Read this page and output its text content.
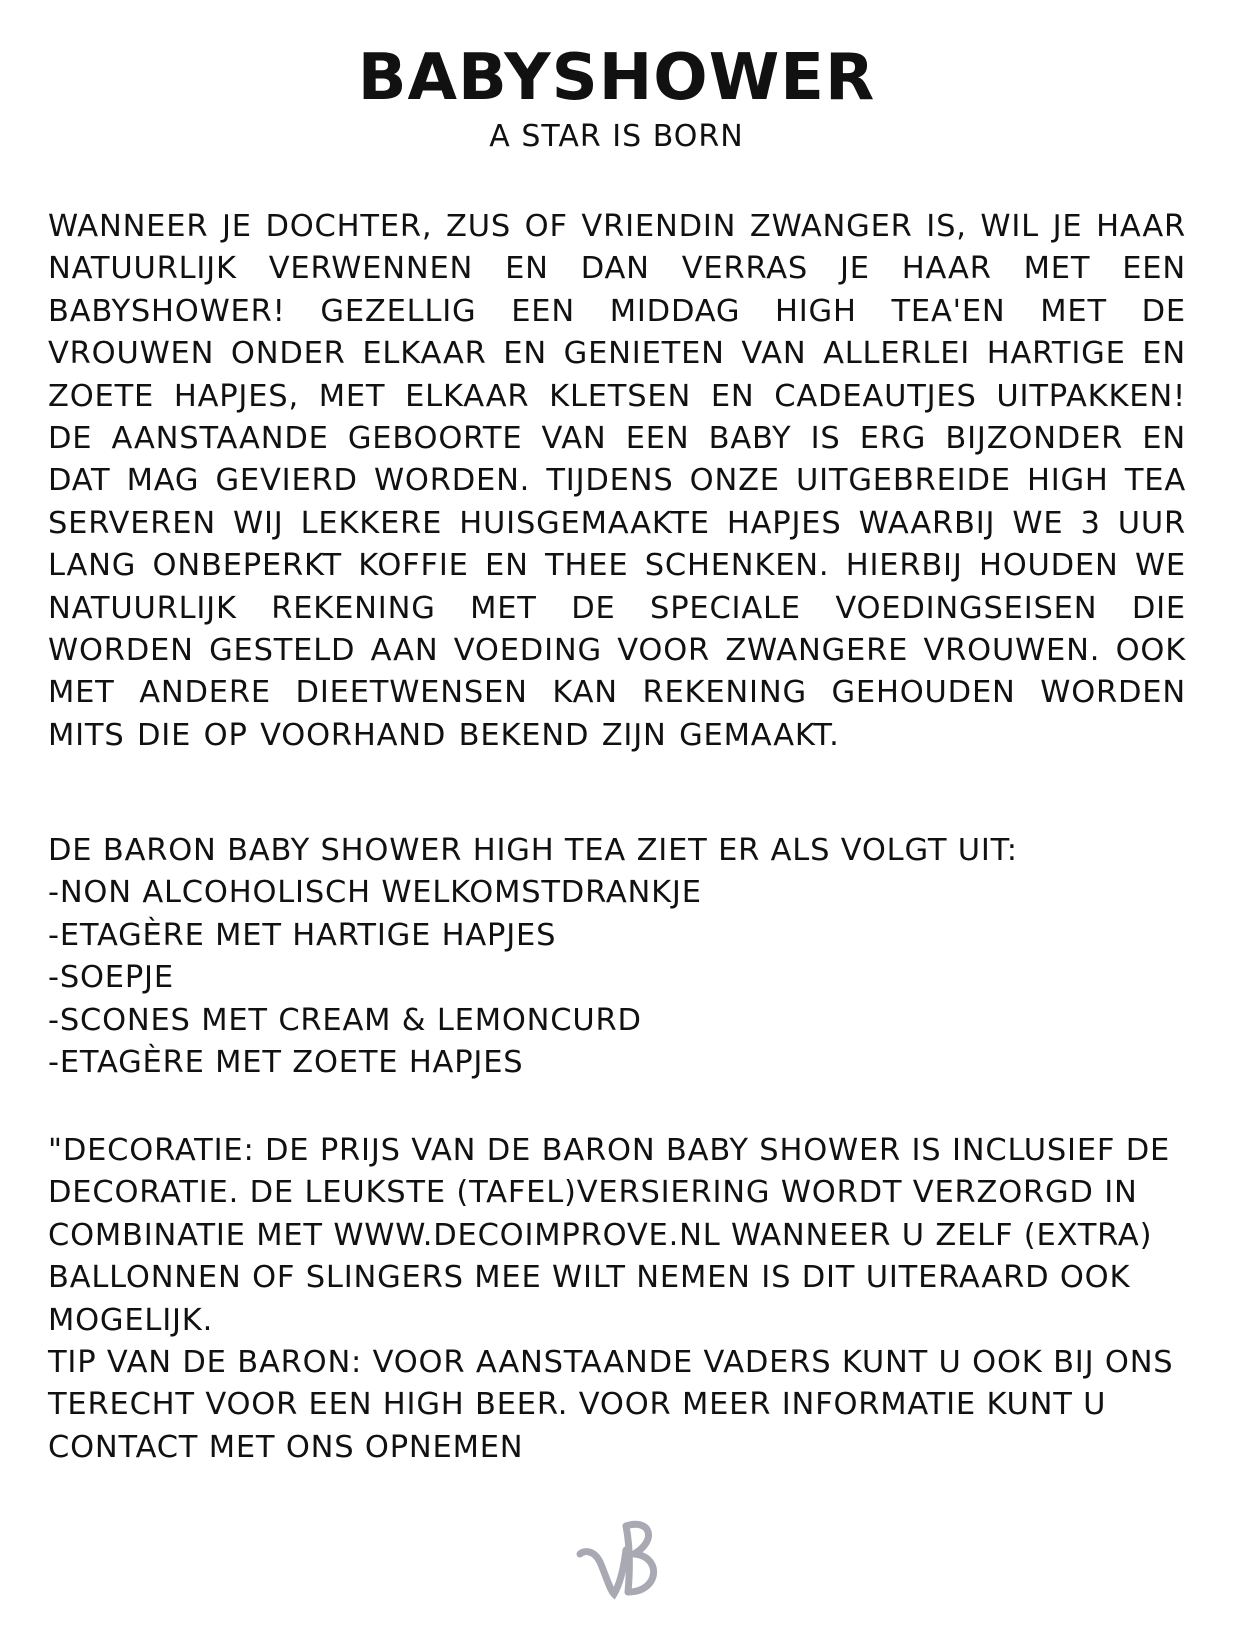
BABYSHOWER
A STAR IS BORN

WANNEER JE DOCHTER, ZUS OF VRIENDIN ZWANGER IS, WIL JE HAAR NATUURLIJK VERWENNEN EN DAN VERRAS JE HAAR MET EEN BABYSHOWER! GEZELLIG EEN MIDDAG HIGH TEA'EN MET DE VROUWEN ONDER ELKAAR EN GENIETEN VAN ALLERLEI HARTIGE EN ZOETE HAPJES, MET ELKAAR KLETSEN EN CADEAUTJES UITPAKKEN! DE AANSTAANDE GEBOORTE VAN EEN BABY IS ERG BIJZONDER EN DAT MAG GEVIERD WORDEN. TIJDENS ONZE UITGEBREIDE HIGH TEA SERVEREN WIJ LEKKERE HUISGEMAAKTE HAPJES WAARBIJ WE 3 UUR LANG ONBEPERKT KOFFIE EN THEE SCHENKEN. HIERBIJ HOUDEN WE NATUURLIJK REKENING MET DE SPECIALE VOEDINGSEISEN DIE WORDEN GESTELD AAN VOEDING VOOR ZWANGERE VROUWEN. OOK MET ANDERE DIEETWENSEN KAN REKENING GEHOUDEN WORDEN MITS DIE OP VOORHAND BEKEND ZIJN GEMAAKT.

DE BARON BABY SHOWER HIGH TEA ZIET ER ALS VOLGT UIT:
- NON ALCOHOLISCH WELKOMSTDRANKJE
- ETAGÈRE MET HARTIGE HAPJES
- SOEPJE
- SCONES MET CREAM & LEMONCURD
- ETAGÈRE MET ZOETE HAPJES

"DECORATIE: DE PRIJS VAN DE BARON BABY SHOWER IS INCLUSIEF DE DECORATIE. DE LEUKSTE (TAFEL)VERSIERING WORDT VERZORGD IN COMBINATIE MET WWW.DECOIMPROVE.NL WANNEER U ZELF (EXTRA) BALLONNEN OF SLINGERS MEE WILT NEMEN IS DIT UITERAARD OOK MOGELIJK.

TIP VAN DE BARON: VOOR AANSTAANDE VADERS KUNT U OOK BIJ ONS TERECHT VOOR EEN HIGH BEER. VOOR MEER INFORMATIE KUNT U CONTACT MET ONS OPNEMEN
